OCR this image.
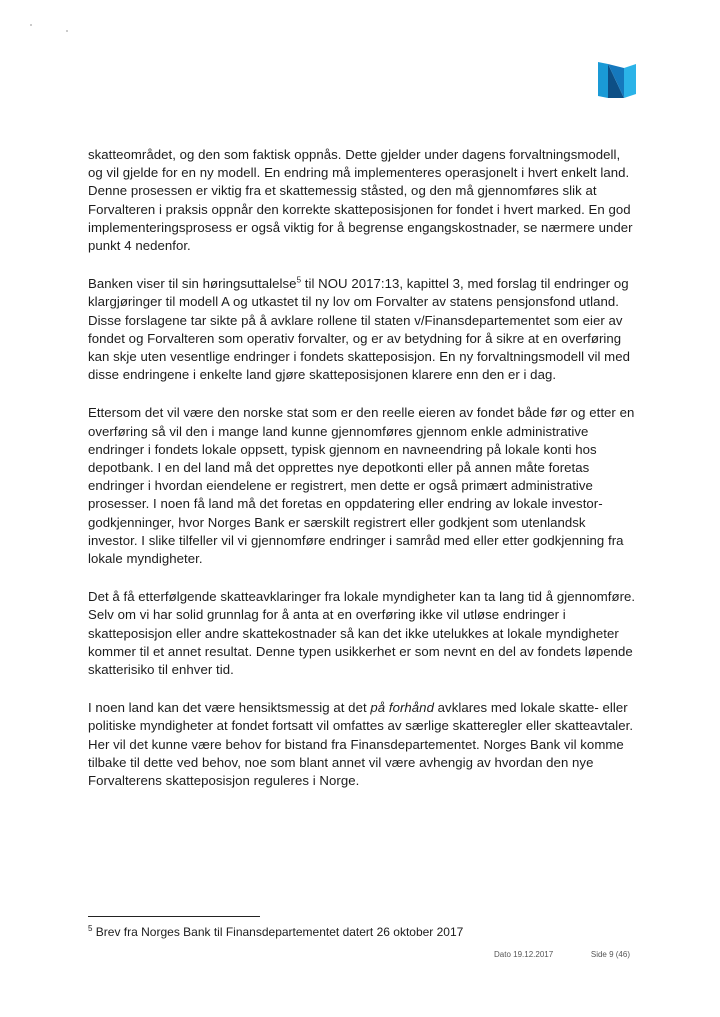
skatteområdet, og den som faktisk oppnås. Dette gjelder under dagens forvaltningsmodell,
og vil gjelde for en ny modell. En endring må implementeres operasjonelt i hvert enkelt land.
Denne prosessen er viktig fra et skattemessig ståsted, og den må gjennomføres slik at
Forvalteren i praksis oppnår den korrekte skatteposisjonen for fondet i hvert marked. En god
implementeringsprosess er også viktig for å begrense engangskostnader, se nærmere under
punkt 4 nedenfor.

Banken viser til sin høringsuttalelse$^5$ til NOU 2017:13, kapittel 3, med forslag til endringer og
klargjøringer til modell A og utkastet til ny lov om Forvalter av statens pensjonsfond utland.
Disse forslagene tar sikte på å avklare rollene til staten v/Finansdepartementet som eier av
fondet og Forvalteren som operativ forvalter, og er av betydning for å sikre at en overføring
kan skje uten vesentlige endringer i fondets skatteposisjon. En ny forvaltningsmodell vil med
disse endringene i enkelte land gjøre skatteposisjonen klarere enn den er i dag.

Ettersom det vil være den norske stat som er den reelle eieren av fondet både før og etter en
overføring så vil den i mange land kunne gjennomføres gjennom enkle administrative
endringer i fondets lokale oppsett, typisk gjennom en navneendring på lokale konti hos
depotbank. I en del land må det opprettes nye depotkonti eller på annen måte foretas
endringer i hvordan eiendelene er registrert, men dette er også primært administrative
prosesser. I noen få land må det foretas en oppdatering eller endring av lokale investor-
godkjenninger, hvor Norges Bank er særskilt registrert eller godkjent som utenlandsk
investor. I slike tilfeller vil vi gjennomføre endringer i samråd med eller etter godkjenning fra
lokale myndigheter.

Det å få etterfølgende skatteavklaringer fra lokale myndigheter kan ta lang tid å gjennomføre.
Selv om vi har solid grunnlag for å anta at en overføring ikke vil utløse endringer i
skatteposisjon eller andre skattekostnader så kan det ikke utelukkes at lokale myndigheter
kommer til et annet resultat. Denne typen usikkerhet er som nevnt en del av fondets løpende
skatterisiko til enhver tid.

I noen land kan det være hensiktsmessig at det på forhånd avklares med lokale skatte- eller
politiske myndigheter at fondet fortsatt vil omfattes av særlige skatteregler eller skatteavtaler.
Her vil det kunne være behov for bistand fra Finansdepartementet. Norges Bank vil komme
tilbake til dette ved behov, noe som blant annet vil være avhengig av hvordan den nye
Forvalterens skatteposisjon reguleres i Norge.

$^5$ Brev fra Norges Bank til Finansdepartementet datert 26 oktober 2017
Dato 19.12.2017	Side 9 (46)
